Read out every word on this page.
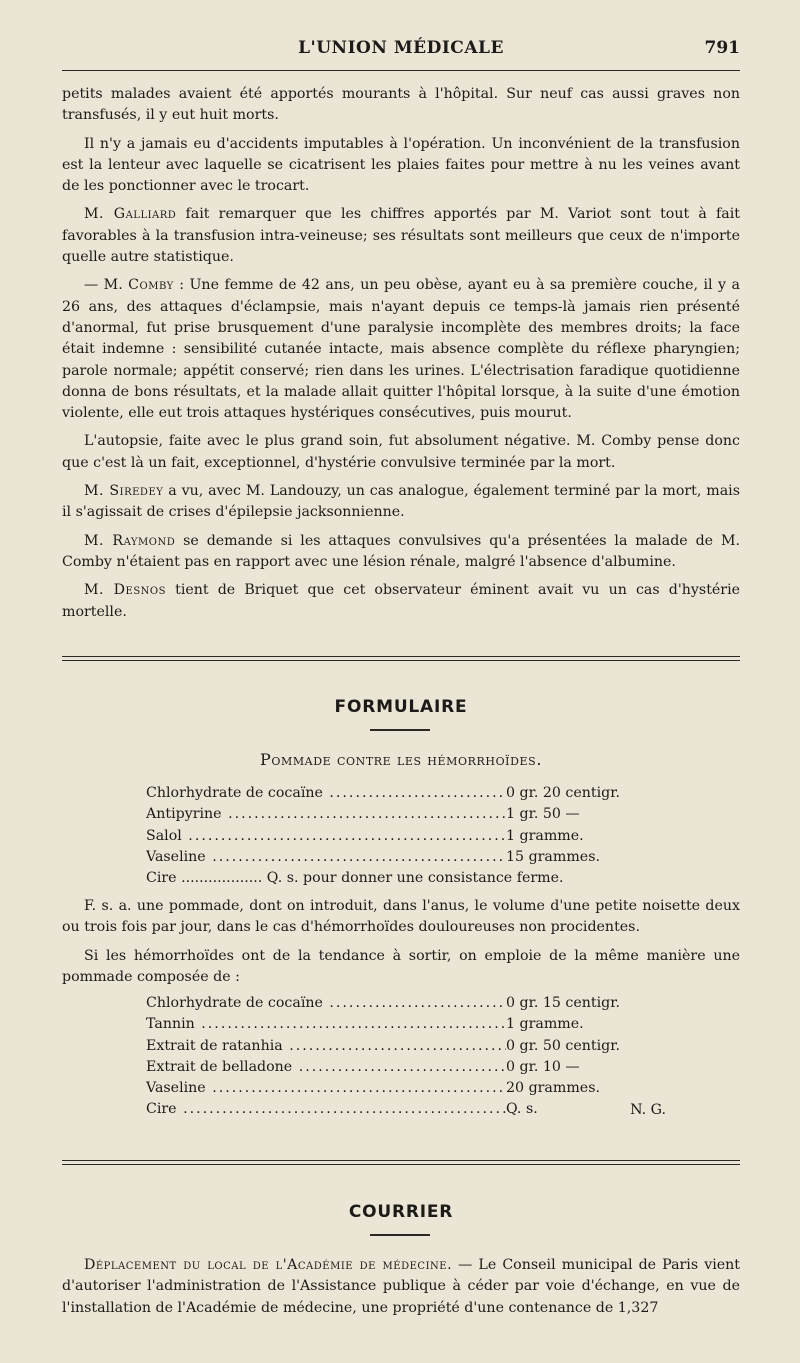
L'UNION MÉDICALE	791

petits malades avaient été apportés mourants à l'hôpital. Sur neuf cas aussi graves non transfusés, il y eut huit morts.

Il n'y a jamais eu d'accidents imputables à l'opération. Un inconvénient de la transfusion est la lenteur avec laquelle se cicatrisent les plaies faites pour mettre à nu les veines avant de les ponctionner avec le trocart.

M. Galliard fait remarquer que les chiffres apportés par M. Variot sont tout à fait favorables à la transfusion intra-veineuse; ses résultats sont meilleurs que ceux de n'importe quelle autre statistique.

— M. Comby : Une femme de 42 ans, un peu obèse, ayant eu à sa première couche, il y a 26 ans, des attaques d'éclampsie, mais n'ayant depuis ce temps-là jamais rien présenté d'anormal, fut prise brusquement d'une paralysie incomplète des membres droits; la face était indemne : sensibilité cutanée intacte, mais absence complète du réflexe pharyngien; parole normale; appétit conservé; rien dans les urines. L'électrisation faradique quotidienne donna de bons résultats, et la malade allait quitter l'hôpital lorsque, à la suite d'une émotion violente, elle eut trois attaques hystériques consécutives, puis mourut.

L'autopsie, faite avec le plus grand soin, fut absolument négative. M. Comby pense donc que c'est là un fait, exceptionnel, d'hystérie convulsive terminée par la mort.

M. Siredey a vu, avec M. Landouzy, un cas analogue, également terminé par la mort, mais il s'agissait de crises d'épilepsie jacksonnienne.

M. Raymond se demande si les attaques convulsives qu'a présentées la malade de M. Comby n'étaient pas en rapport avec une lésion rénale, malgré l'absence d'albumine.

M. Desnos tient de Briquet que cet observateur éminent avait vu un cas d'hystérie mortelle.

FORMULAIRE
Pommade contre les hémorrhoïdes.
Chlorhydrate de cocaïne .....	0 gr. 20 centigr.
Antipyrine .....	1 gr. 50 —
Salol .....	1 gramme.
Vaseline .....	15 grammes.
Cire .................. Q. s. pour donner une consistance ferme.

F. s. a. une pommade, dont on introduit, dans l'anus, le volume d'une petite noisette deux ou trois fois par jour, dans le cas d'hémorrhoïdes douloureuses non procidentes.

Si les hémorrhoïdes ont de la tendance à sortir, on emploie de la même manière une pommade composée de :

Chlorhydrate de cocaïne .....	0 gr. 15 centigr.
Tannin .....	1 gramme.
Extrait de ratanhia .....	0 gr. 50 centigr.
Extrait de belladone .....	0 gr. 10 —
Vaseline .....	20 grammes.
Cire .....	Q. s.	N. G.
COURRIER

Déplacement du local de l'Académie de médecine. — Le Conseil municipal de Paris vient d'autoriser l'administration de l'Assistance publique à céder par voie d'échange, en vue de l'installation de l'Académie de médecine, une propriété d'une contenance de 1,327
